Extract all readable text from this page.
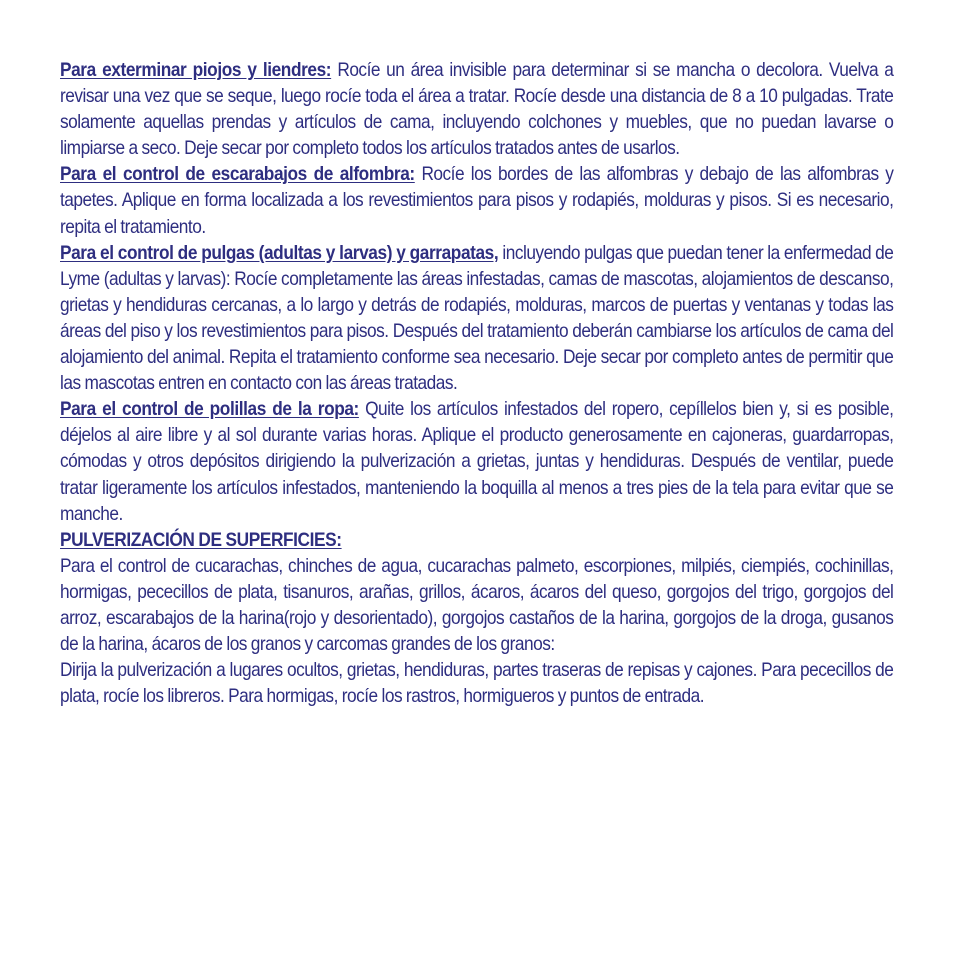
Para exterminar piojos y liendres: Rocíe un área invisible para determinar si se mancha o decolora. Vuelva a revisar una vez que se seque, luego rocíe toda el área a tratar. Rocíe desde una distancia de 8 a 10 pulgadas. Trate solamente aquellas prendas y artículos de cama, incluyendo colchones y muebles, que no puedan lavarse o limpiarse a seco. Deje secar por completo todos los artículos tratados antes de usarlos.

Para el control de escarabajos de alfombra: Rocíe los bordes de las alfombras y debajo de las alfombras y tapetes. Aplique en forma localizada a los revestimientos para pisos y rodapiés, molduras y pisos. Si es necesario, repita el tratamiento.

Para el control de pulgas (adultas y larvas) y garrapatas, incluyendo pulgas que puedan tener la enfermedad de Lyme (adultas y larvas): Rocíe completamente las áreas infestadas, camas de mascotas, alojamientos de descanso, grietas y hendiduras cercanas, a lo largo y detrás de rodapiés, molduras, marcos de puertas y ventanas y todas las áreas del piso y los revestimientos para pisos. Después del tratamiento deberán cambiarse los artículos de cama del alojamiento del animal. Repita el tratamiento conforme sea necesario. Deje secar por completo antes de permitir que las mascotas entren en contacto con las áreas tratadas.

Para el control de polillas de la ropa: Quite los artículos infestados del ropero, cepíllelos bien y, si es posible, déjelos al aire libre y al sol durante varias horas. Aplique el producto generosamente en cajoneras, guardarropas, cómodas y otros depósitos dirigiendo la pulverización a grietas, juntas y hendiduras. Después de ventilar, puede tratar ligeramente los artículos infestados, manteniendo la boquilla al menos a tres pies de la tela para evitar que se manche.

PULVERIZACIÓN DE SUPERFICIES:

Para el control de cucarachas, chinches de agua, cucarachas palmeto, escorpiones, milpiés, ciempiés, cochinillas, hormigas, pececillos de plata, tisanuros, arañas, grillos, ácaros, ácaros del queso, gorgojos del trigo, gorgojos del arroz, escarabajos de la harina(rojo y desorientado), gorgojos castaños de la harina, gorgojos de la droga, gusanos de la harina, ácaros de los granos y carcomas grandes de los granos:

Dirija la pulverización a lugares ocultos, grietas, hendiduras, partes traseras de repisas y cajones. Para pececillos de plata, rocíe los libreros. Para hormigas, rocíe los rastros, hormigueros y puntos de entrada.
